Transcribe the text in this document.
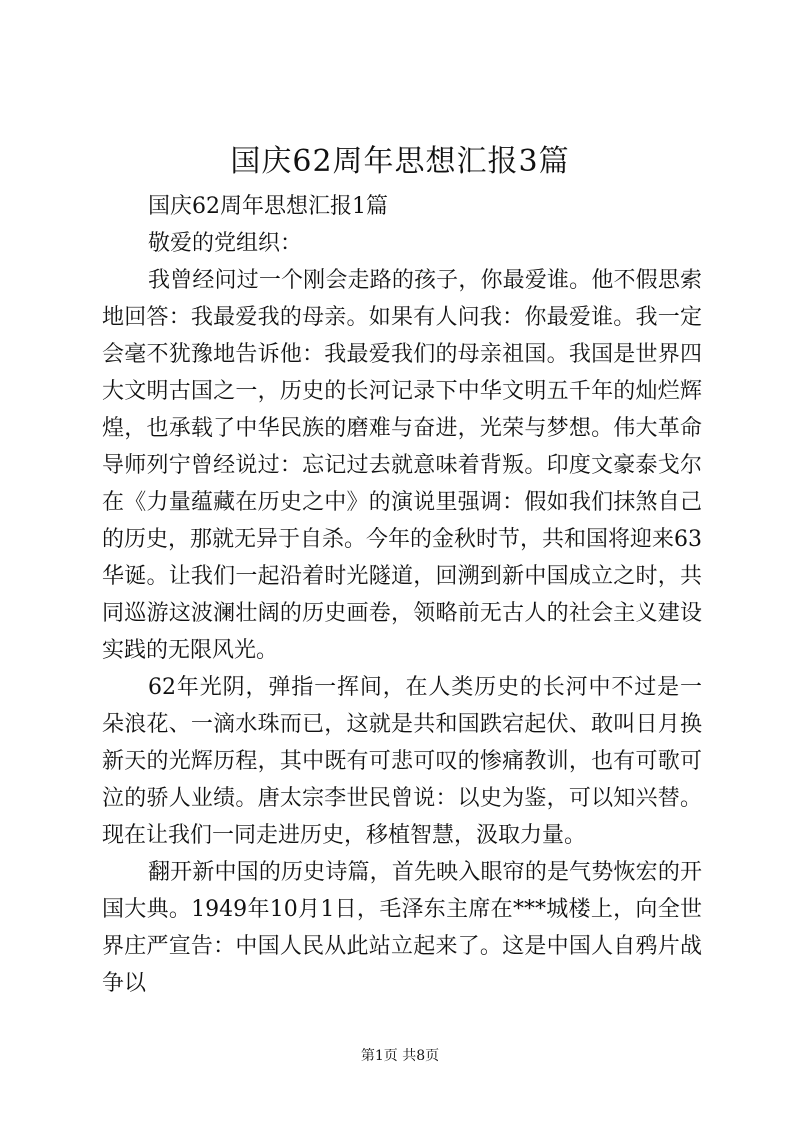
国庆62周年思想汇报3篇

国庆62周年思想汇报1篇

敬爱的党组织：

我曾经问过一个刚会走路的孩子，你最爱谁。他不假思索地回答：我最爱我的母亲。如果有人问我：你最爱谁。我一定会毫不犹豫地告诉他：我最爱我们的母亲祖国。我国是世界四大文明古国之一，历史的长河记录下中华文明五千年的灿烂辉煌，也承载了中华民族的磨难与奋进，光荣与梦想。伟大革命导师列宁曾经说过：忘记过去就意味着背叛。印度文豪泰戈尔在《力量蕴藏在历史之中》的演说里强调：假如我们抹煞自己的历史，那就无异于自杀。今年的金秋时节，共和国将迎来63华诞。让我们一起沿着时光隧道，回溯到新中国成立之时，共同巡游这波澜壮阔的历史画卷，领略前无古人的社会主义建设实践的无限风光。

62年光阴，弹指一挥间，在人类历史的长河中不过是一朵浪花、一滴水珠而已，这就是共和国跌宕起伏、敢叫日月换新天的光辉历程，其中既有可悲可叹的惨痛教训，也有可歌可泣的骄人业绩。唐太宗李世民曾说：以史为鉴，可以知兴替。现在让我们一同走进历史，移植智慧，汲取力量。

翻开新中国的历史诗篇，首先映入眼帘的是气势恢宏的开国大典。1949年10月1日，毛泽东主席在***城楼上，向全世界庄严宣告：中国人民从此站立起来了。这是中国人自鸦片战争以

第1页 共8页
